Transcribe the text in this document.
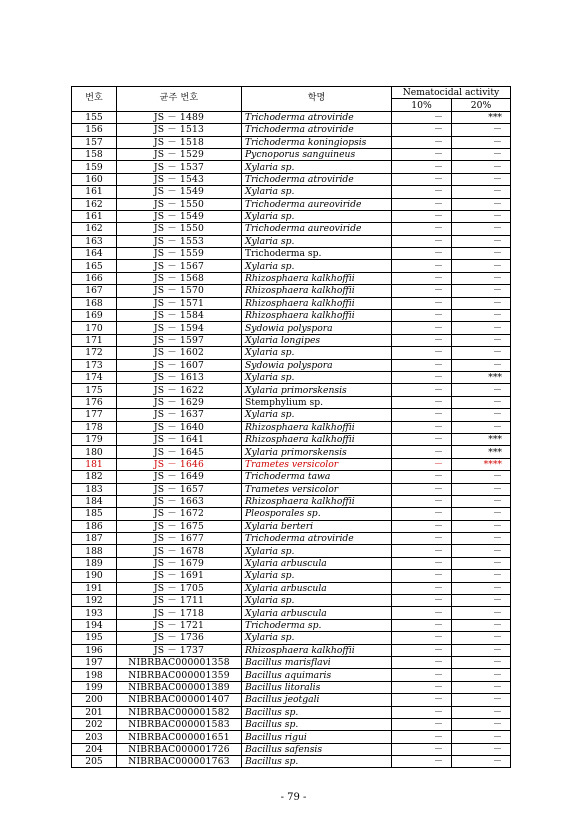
번호	균주 번호	학명	Nematocidal activity	
			10%	20%
155	JS － 1489	Trichoderma atroviride	－	***
156	JS － 1513	Trichoderma atroviride	－	－
157	JS － 1518	Trichoderma koningiopsis	－	－
158	JS － 1529	Pycnoporus sanguineus	－	－
159	JS － 1537	Xylaria sp.	－	－
160	JS － 1543	Trichoderma atroviride	－	－
161	JS － 1549	Xylaria sp.	－	－
162	JS － 1550	Trichoderma aureoviride	－	－
161	JS － 1549	Xylaria sp.	－	－
162	JS － 1550	Trichoderma aureoviride	－	－
163	JS － 1553	Xylaria sp.	－	－
164	JS － 1559	Trichoderma sp.	－	－
165	JS － 1567	Xylaria sp.	－	－
166	JS － 1568	Rhizosphaera kalkhoffii	－	－
167	JS － 1570	Rhizosphaera kalkhoffii	－	－
168	JS － 1571	Rhizosphaera kalkhoffii	－	－
169	JS － 1584	Rhizosphaera kalkhoffii	－	－
170	JS － 1594	Sydowia polyspora	－	－
171	JS － 1597	Xylaria longipes	－	－
172	JS － 1602	Xylaria sp.	－	－
173	JS － 1607	Sydowia polyspora	－	－
174	JS － 1613	Xylaria sp.	－	***
175	JS － 1622	Xylaria primorskensis	－	－
176	JS － 1629	Stemphylium sp.	－	－
177	JS － 1637	Xylaria sp.	－	－
178	JS － 1640	Rhizosphaera kalkhoffii	－	－
179	JS － 1641	Rhizosphaera kalkhoffii	－	***
180	JS － 1645	Xylaria primorskensis	－	***
181	JS － 1646	Trametes versicolor	－	****
182	JS － 1649	Trichoderma tawa	－	－
183	JS － 1657	Trametes versicolor	－	－
184	JS － 1663	Rhizosphaera kalkhoffii	－	－
185	JS － 1672	Pleosporales sp.	－	－
186	JS － 1675	Xylaria berteri	－	－
187	JS － 1677	Trichoderma atroviride	－	－
188	JS － 1678	Xylaria sp.	－	－
189	JS － 1679	Xylaria arbuscula	－	－
190	JS － 1691	Xylaria sp.	－	－
191	JS － 1705	Xylaria arbuscula	－	－
192	JS － 1711	Xylaria sp.	－	－
193	JS － 1718	Xylaria arbuscula	－	－
194	JS － 1721	Trichoderma sp.	－	－
195	JS － 1736	Xylaria sp.	－	－
196	JS － 1737	Rhizosphaera kalkhoffii	－	－
197	NIBRBAC000001358	Bacillus marisflavi	－	－
198	NIBRBAC000001359	Bacillus aquimaris	－	－
199	NIBRBAC000001389	Bacillus litoralis	－	－
200	NIBRBAC000001407	Bacillus jeotgali	－	－
201	NIBRBAC000001582	Bacillus sp.	－	－
202	NIBRBAC000001583	Bacillus sp.	－	－
203	NIBRBAC000001651	Bacillus rigui	－	－
204	NIBRBAC000001726	Bacillus safensis	－	－
205	NIBRBAC000001763	Bacillus sp.	－	－
- 79 -
